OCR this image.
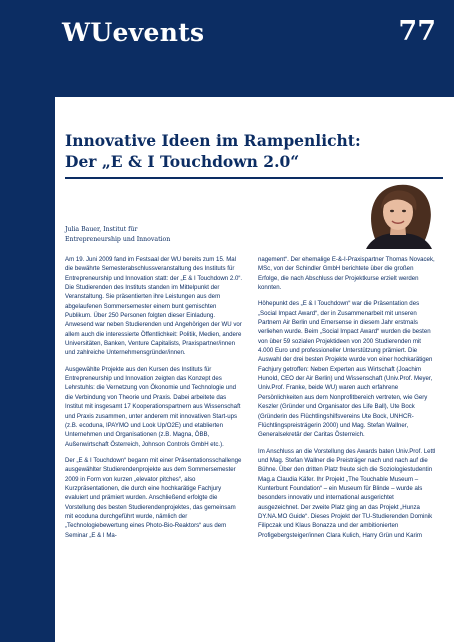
WUevents	77
Innovative Ideen im Rampenlicht:
Der „E & I Touchdown 2.0“
Julia Bauer, Institut für
Entrepreneurship und Innovation

Am 19. Juni 2009 fand im Festsaal der WU bereits zum 15. Mal die bewährte Semesterabschlussveranstaltung des Instituts für Entrepreneurship und Innovation statt: der „E & I Touchdown 2.0“. Die Studierenden des Instituts standen im Mittelpunkt der Veranstaltung. Sie präsentierten ihre Leistungen aus dem abgelaufenen Sommersemester einem bunt gemischten Publikum. Über 250 Personen folgten dieser Einladung. Anwesend war neben Studierenden und Angehörigen der WU vor allem auch die interessierte Öffentlichkeit: Politik, Medien, andere Universitäten, Banken, Venture Capitalists, Praxispartner/innen und zahlreiche Unternehmensgründer/innen.

Ausgewählte Projekte aus den Kursen des Instituts für Entrepreneurship und Innovation zeigten das Konzept des Lehrstuhls: die Vernetzung von Ökonomie und Technologie und die Verbindung von Theorie und Praxis. Dabei arbeitete das Institut mit insgesamt 17 Kooperationspartnern aus Wissenschaft und Praxis zusammen, unter anderem mit innovativen Start-ups (z.B. ecoduna, IPAYMO und Look Up/O2E) und etablierten Unternehmen und Organisationen (z.B. Magna, ÖBB, Außenwirtschaft Österreich, Johnson Controls GmbH etc.).

Der „E & I Touchdown“ begann mit einer Präsentationsschallenge ausgewählter Studierendenprojekte aus dem Sommersemester 2009 in Form von kurzen „elevator pitches“, also Kurzpräsentationen, die durch eine hochkarätige Fachjury evaluiert und prämiert wurden. Anschließend erfolgte die Vorstellung des besten Studierendenprojektes, das gemeinsam mit ecoduna durchgeführt wurde, nämlich der „Technologiebewertung eines Photo-Bio-Reaktors“ aus dem Seminar „E & I Ma-

nagement“. Der ehemalige E-&-I-Praxispartner Thomas Novacek, MSc, von der Schindler GmbH berichtete über die großen Erfolge, die nach Abschluss der Projektkurse erzielt werden konnten.

Höhepunkt des „E & I Touchdown“ war die Präsentation des „Social Impact Award“, der in Zusammenarbeit mit unseren Partnern Air Berlin und Emersense in diesem Jahr erstmals verliehen wurde. Beim „Social Impact Award“ wurden die besten von über 59 sozialen Projektideen von 200 Studierenden mit 4.000 Euro und professioneller Unterstützung prämiert. Die Auswahl der drei besten Projekte wurde von einer hochkarätigen Fachjury getroffen: Neben Experten aus Wirtschaft (Joachim Hunold, CEO der Air Berlin) und Wissenschaft (Univ.Prof. Meyer, Univ.Prof. Franke, beide WU) waren auch erfahrene Persönlichkeiten aus dem Nonprofitbereich vertreten, wie Gery Keszler (Gründer und Organisator des Life Ball), Ute Bock (Gründerin des Flüchtlingshilfsvereins Ute Bock, UNHCR-Flüchtlingspreisträgerin 2000) und Mag. Stefan Wallner, Generalsekretär der Caritas Österreich.

Im Anschluss an die Vorstellung des Awards baten Univ.Prof. Lettl und Mag. Stefan Wallner die Preisträger nach und nach auf die Bühne. Über den dritten Platz freute sich die Soziologiestudentin Mag.a Claudia Käfer. Ihr Projekt „The Touchable Museum – Kunterbunt Foundation“ – ein Museum für Blinde – wurde als besonders innovativ und international ausgerichtet ausgezeichnet. Der zweite Platz ging an das Projekt „Hunza DY.NA.MO Guide“. Dieses Projekt der TU-Studierenden Dominik Filipczak und Klaus Bonazza und der ambitionierten Profigebergsteiger/innen Clara Kulich, Harry Grün und Karim
